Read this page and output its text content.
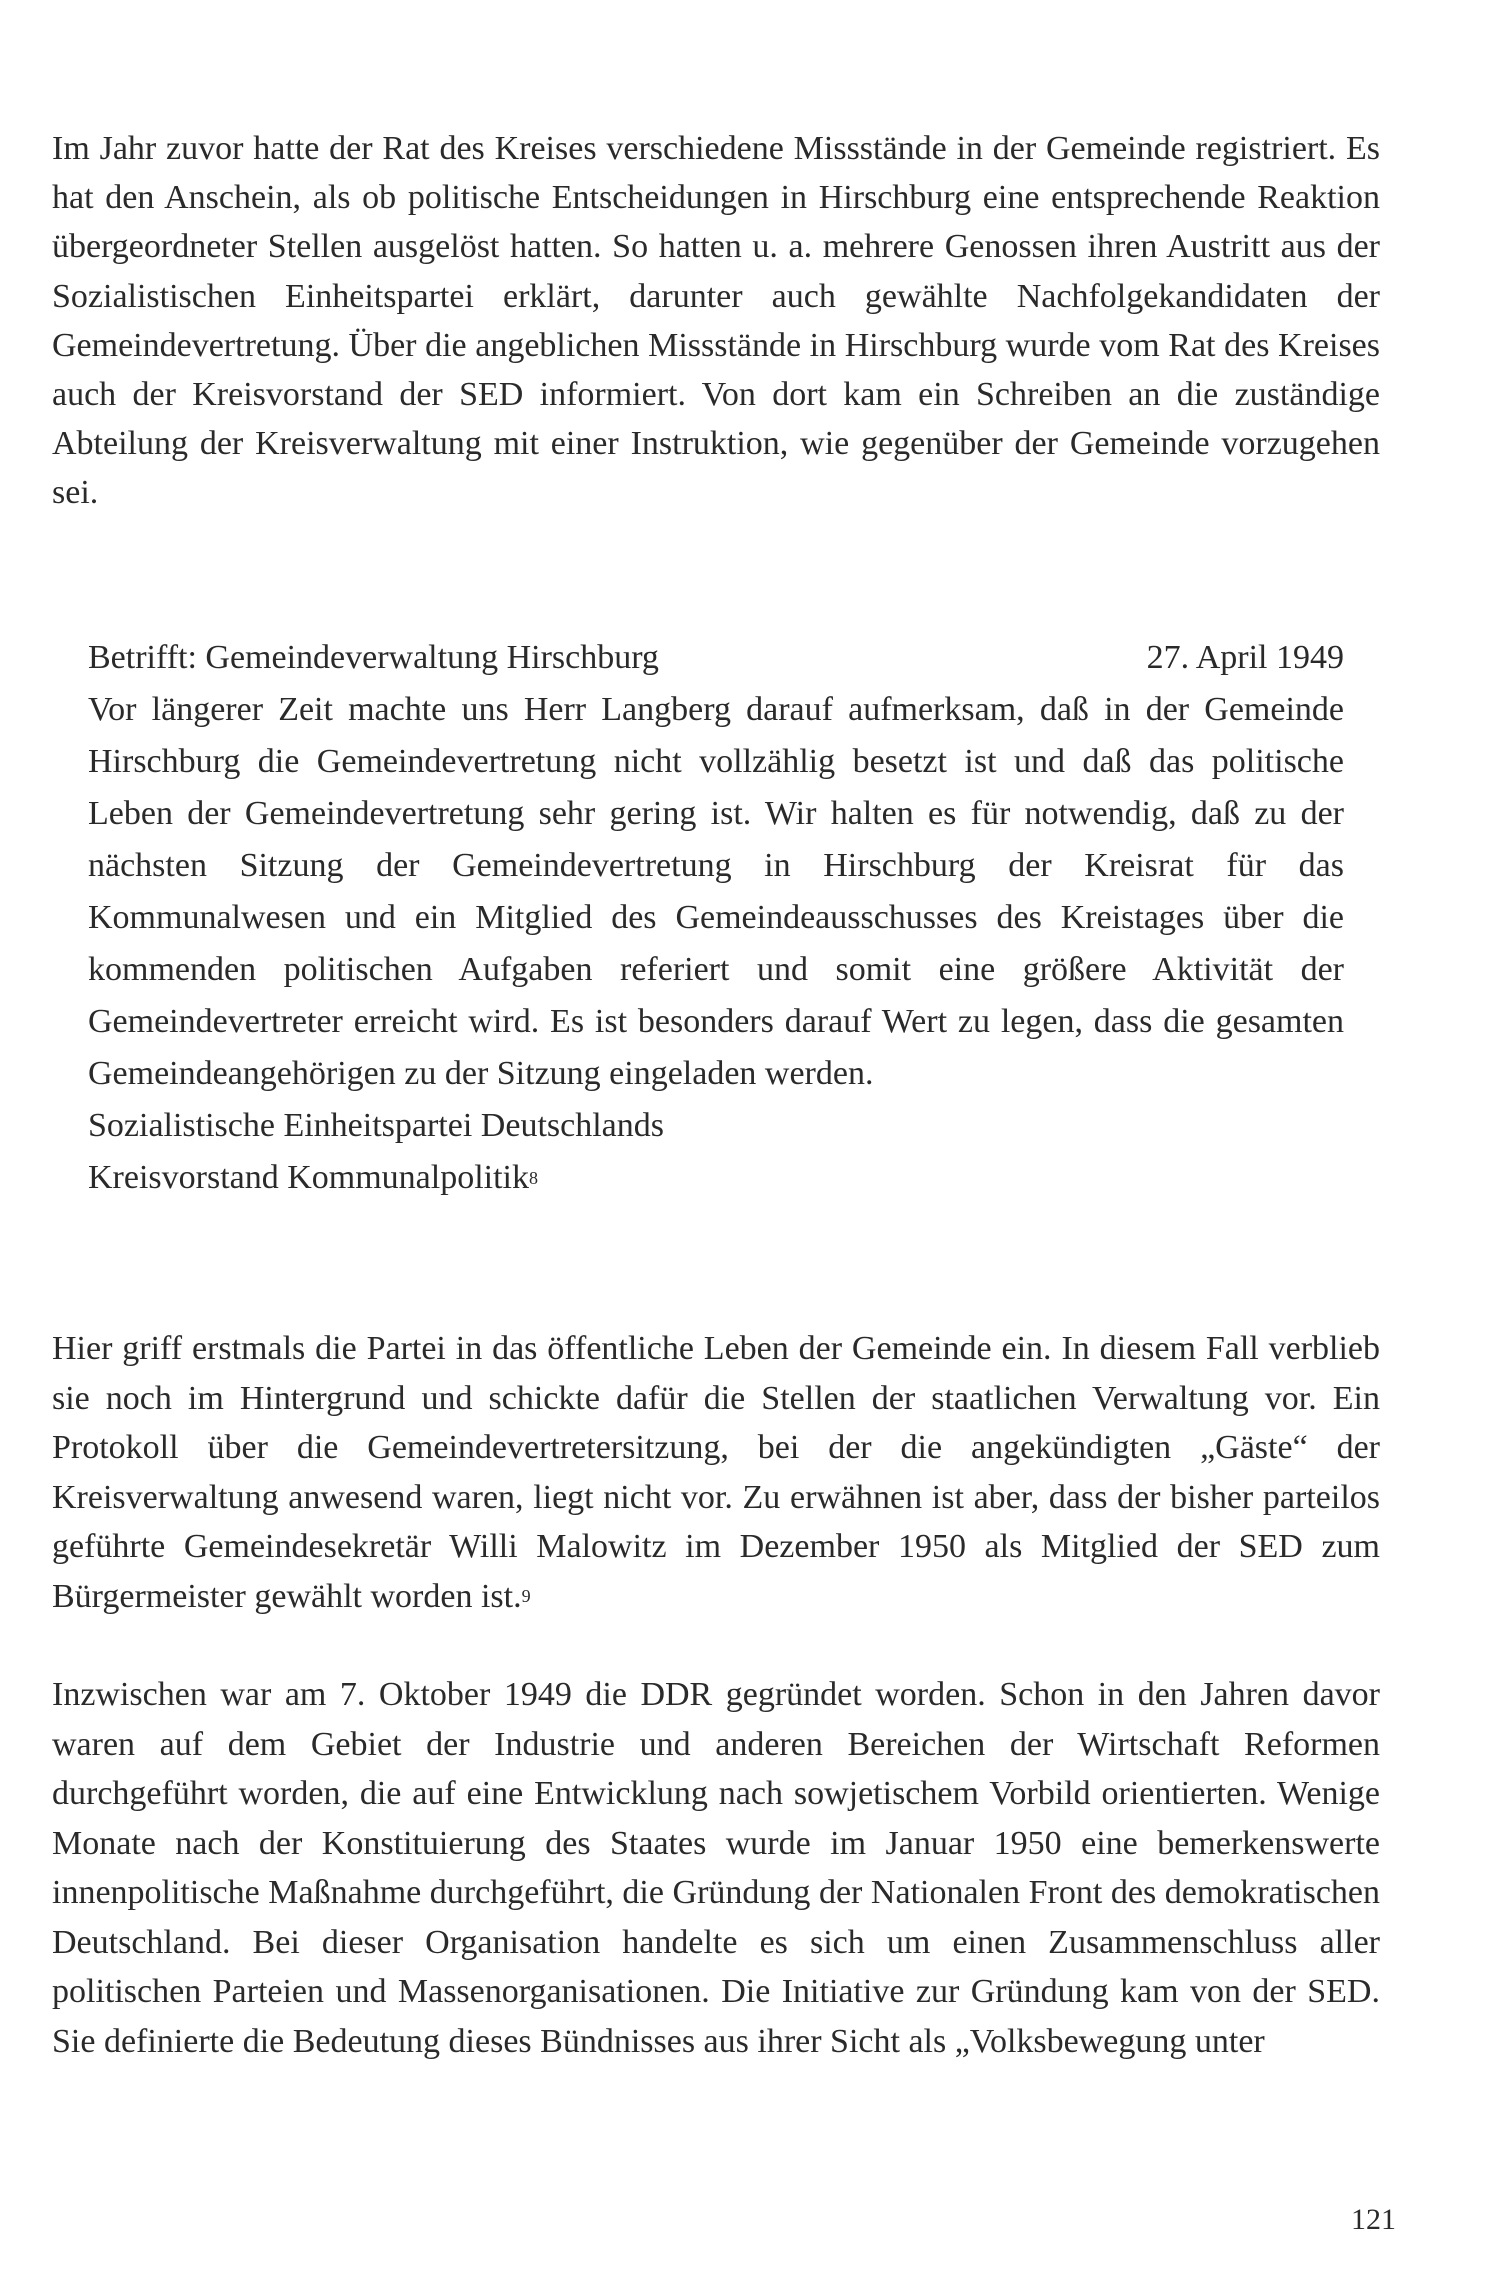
Im Jahr zuvor hatte der Rat des Kreises verschiedene Missstände in der Gemeinde registriert. Es hat den Anschein, als ob politische Entscheidungen in Hirschburg eine entsprechende Reaktion übergeordneter Stellen ausgelöst hatten. So hatten u. a. mehrere Genossen ihren Austritt aus der Sozialistischen Einheitspartei erklärt, darunter auch gewählte Nachfolgekandidaten der Gemeindevertretung. Über die angeblichen Missstände in Hirschburg wurde vom Rat des Kreises auch der Kreisvorstand der SED informiert. Von dort kam ein Schreiben an die zuständige Abteilung der Kreisverwaltung mit einer Instruktion, wie gegenüber der Gemeinde vorzugehen sei.

Betrifft: Gemeindeverwaltung Hirschburg	27. April 1949

Vor längerer Zeit machte uns Herr Langberg darauf aufmerksam, daß in der Gemeinde Hirschburg die Gemeindevertretung nicht vollzählig besetzt ist und daß das politische Leben der Gemeindevertretung sehr gering ist. Wir halten es für notwendig, daß zu der nächsten Sitzung der Gemeindevertretung in Hirschburg der Kreisrat für das Kommunalwesen und ein Mitglied des Gemeindeausschusses des Kreistages über die kommenden politischen Aufgaben referiert und somit eine größere Aktivität der Gemeindevertreter erreicht wird. Es ist besonders darauf Wert zu legen, dass die gesamten Gemeindeangehörigen zu der Sitzung eingeladen werden.

Sozialistische Einheitspartei Deutschlands
Kreisvorstand Kommunalpolitik$^8$

Hier griff erstmals die Partei in das öffentliche Leben der Gemeinde ein. In diesem Fall verblieb sie noch im Hintergrund und schickte dafür die Stellen der staatlichen Verwaltung vor. Ein Protokoll über die Gemeindevertretersitzung, bei der die angekündigten „Gäste“ der Kreisverwaltung anwesend waren, liegt nicht vor. Zu erwähnen ist aber, dass der bisher parteilos geführte Gemeindesekretär Willi Malowitz im Dezember 1950 als Mitglied der SED zum Bürgermeister gewählt worden ist.$^9$

Inzwischen war am 7. Oktober 1949 die DDR gegründet worden. Schon in den Jahren davor waren auf dem Gebiet der Industrie und anderen Bereichen der Wirtschaft Reformen durchgeführt worden, die auf eine Entwicklung nach sowjetischem Vorbild orientierten. Wenige Monate nach der Konstituierung des Staates wurde im Januar 1950 eine bemerkenswerte innenpolitische Maßnahme durchgeführt, die Gründung der Nationalen Front des demokratischen Deutschland. Bei dieser Organisation handelte es sich um einen Zusammenschluss aller politischen Parteien und Massenorganisationen. Die Initiative zur Gründung kam von der SED. Sie definierte die Bedeutung dieses Bündnisses aus ihrer Sicht als „Volksbewegung unter

121
